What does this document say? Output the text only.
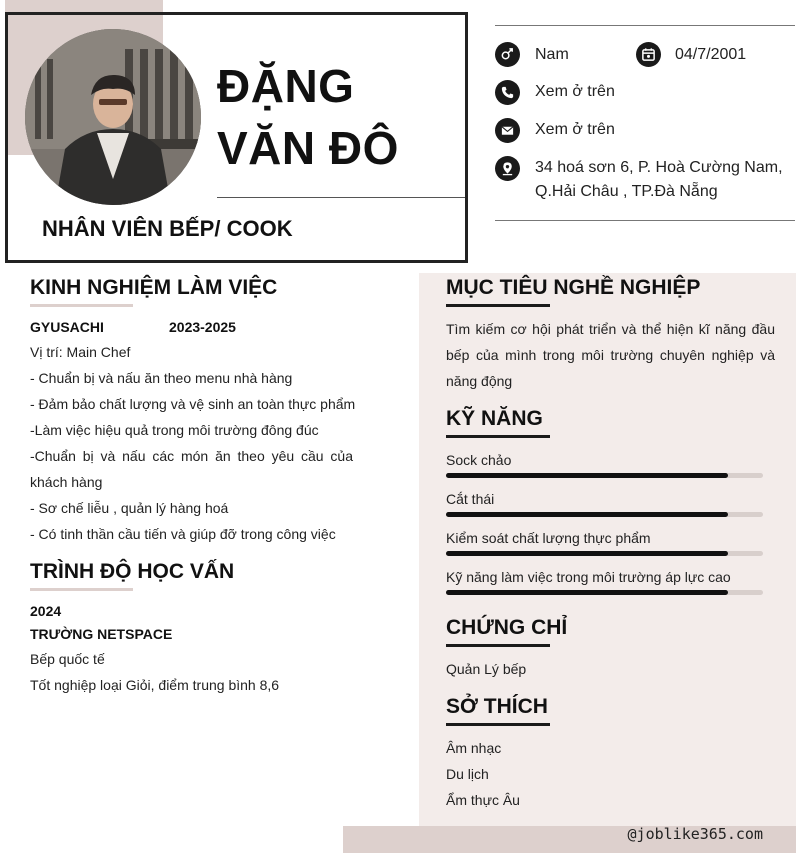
ĐẶNG VĂN ĐÔ
NHÂN VIÊN BẾP/ COOK
Nam	04/7/2001
Xem ở trên
Xem ở trên
34 hoá sơn 6, P. Hoà Cường Nam, Q.Hải Châu , TP.Đà Nẵng
@joblike365.com
KINH NGHIỆM LÀM VIỆC
GYUSACHI	2023-2025
Vị trí: Main Chef
- Chuẩn bị và nấu ăn theo menu nhà hàng
- Đảm bảo chất lượng và vệ sinh an toàn thực phẩm
-Làm việc hiệu quả trong môi trường đông đúc
-Chuẩn bị và nấu các món ăn theo yêu cầu của khách hàng
- Sơ chế liễu , quản lý hàng hoá
- Có tinh thần cầu tiến và giúp đỡ trong công việc
TRÌNH ĐỘ HỌC VẤN
2024
TRƯỜNG NETSPACE
Bếp quốc tế
Tốt nghiệp loại Giỏi, điểm trung bình 8,6
MỤC TIÊU NGHỀ NGHIỆP
Tìm kiếm cơ hội phát triển và thể hiện kĩ năng đầu bếp của mình trong môi trường chuyên nghiệp và năng động
KỸ NĂNG
Sock chảo
Cắt thái
Kiểm soát chất lượng thực phẩm
Kỹ năng làm việc trong môi trường áp lực cao
CHỨNG CHỈ
Quản Lý bếp
SỞ THÍCH
Âm nhạc
Du lịch
Ẩm thực Âu
